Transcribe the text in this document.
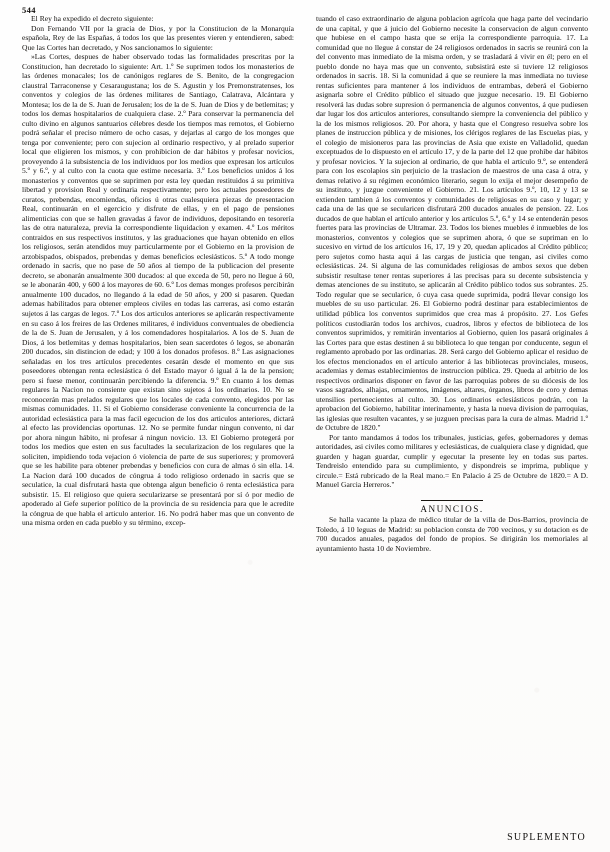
544

El Rey ha expedido el decreto siguiente:

Don Fernando VII por la gracia de Dios, y por la Constitucion de la Monarquía española, Rey de las Españas, á todos los que las presentes vieren y entendieren, sabed: Que las Cortes han decretado, y Nos sancionamos lo siguiente:

»Las Cortes, despues de haber observado todas las formalidades prescritas por la Constitucion, han decretado lo siguiente: Art. 1.º Se suprimen todos los monasterios de las órdenes monacales; los de canónigos reglares de S. Benito, de la congregacion claustral Tarraconense y Cesaraugustana; los de S. Agustin y los Premonstratenses, los conventos y colegios de las órdenes militares de Santiago, Calatrava, Alcántara y Montesa; los de la de S. Juan de Jerusalen; los de la de S. Juan de Dios y de betlemitas; y todos los demas hospitalarios de cualquiera clase. 2.º Para conservar la permanencia del culto divino en algunos santuarios célebres desde los tiempos mas remotos, el Gobierno podrá señalar el preciso número de ocho casas, y dejarlas al cargo de los monges que tenga por conveniente; pero con sujecion al ordinario respectivo, y al prelado superior local que eligieren los mismos, y con prohibicion de dar hábitos y profesar novicios, proveyendo á la subsistencia de los individuos por los medios que expresan los artículos 5.º y 6.º, y al culto con la cuota que estime necesaria. 3.º Los beneficios unidos á los monasterios y conventos que se suprimen por esta ley quedan restituidos á su primitiva libertad y provision Real y ordinaria respectivamente; pero los actuales poseedores de curatos, prebendas, encomiendas, oficios ú otras cualesquiera piezas de presentacion Real, continuarán en el egercicio y disfrute de ellas, y en el pago de pensiones alimenticias con que se hallen gravadas á favor de individuos, depositando en tesorería las de otra naturaleza, previa la correspondiente liquidacion y examen. 4.º Los méritos contraidos en sus respectivos institutos, y las graduaciones que hayan obtenido en ellos los religiosos, serán atendidos muy particularmente por el Gobierno en la provision de arzobispados, obispados, prebendas y demas beneficios eclesiásticos. 5.º A todo monge ordenado in sacris, que no pase de 50 años al tiempo de la publicacion del presente decreto, se abonarán anualmente 300 ducados: al que exceda de 50, pero no llegue á 60, se le abonarán 400, y 600 á los mayores de 60. 6.º Los demas monges profesos percibirán anualmente 100 ducados, no llegando á la edad de 50 años, y 200 si pasaren. Quedan ademas habilitados para obtener empleos civiles en todas las carreras, asi como estarán sujetos á las cargas de legos. 7.º Los dos articulos anteriores se aplicarán respectivamente en su caso á los freires de las Ordenes militares, é individuos conventuales de obediencia de la de S. Juan de Jerusalen, y á los comendadores hospitalarios. A los de S. Juan de Dios, á los betlemitas y demas hospitalarios, bien sean sacerdotes ó legos, se abonarán 200 ducados, sin distincion de edad; y 100 á los donados profesos. 8.º Las asignaciones señaladas en los tres artículos precedentes cesarán desde el momento en que sus poseedores obtengan renta eclesiástica ó del Estado mayor ó igual á la de la pension; pero si fuese menor, continuarán percibiendo la diferencia. 9.º En cuanto á los demas regulares la Nacion no consiente que existan sino sujetos á los ordinarios. 10. No se reconocerán mas prelados regulares que los locales de cada convento, elegidos por las mismas comunidades. 11. Si el Gobierno considerase conveniente la concurrencia de la autoridad eclesiástica para la mas facil egecucion de los dos articulos anteriores, dictará al efecto las providencias oportunas. 12. No se permite fundar ningun convento, ni dar por ahora ningun hábito, ni profesar á ningun novicio. 13. El Gobierno protegerá por todos los medios que esten en sus facultades la secularizacion de los regulares que la soliciten, impidiendo toda vejacion ó violencia de parte de sus superiores; y promoverá que se les habilite para obtener prebendas y beneficios con cura de almas ó sin ella. 14. La Nacion dará 100 ducados de cóngrua á todo religioso ordenado in sacris que se seculatice, la cual disfrutará hasta que obtenga algun beneficio ó renta eclesiástica para subsistir. 15. El religioso que quiera secularizarse se presentará por sí ó por medio de apoderado al Gefe superior político de la provincia de su residencia para que le acredite la cóngrua de que habla el articulo anterior. 16. No podrá haber mas que un convento de una misma orden en cada pueblo y su término, excep-

tuando el caso extraordinario de alguna poblacion agrícola que haga parte del vecindario de una capital, y que á juicio del Gobierno necesite la conservacion de algun convento que hubiese en el campo hasta que se erija la correspondiente parroquia. 17. La comunidad que no llegue á constar de 24 religiosos ordenados in sacris se reunirá con la del convento mas inmediato de la misma orden, y se trasladará á vivir en él; pero en el pueblo donde no haya mas que un convento, subsistirá este si tuviere 12 religiosos ordenados in sacris. 18. Si la comunidad á que se reuniere la mas inmediata no tuviese rentas suficientes para mantener á los individuos de entrambas, deberá el Gobierno asignarla sobre el Crédito público el situado que juzgue necesario. 19. El Gobierno resolverá las dudas sobre supresion ó permanencia de algunos conventos, á que pudiesen dar lugar los dos articulos anteriores, consultando siempre la conveniencia del público y la de los mismos religiosos. 20. Por ahora, y hasta que el Congreso resuelva sobre los planes de instruccion pública y de misiones, los clérigos reglares de las Escuelas pias, y el colegio de misioneros para las provincias de Asia que existe en Valladolid, quedan exceptuados de lo dispuesto en el artículo 17, y de la parte del 12 que prohibe dar hábitos y profesar novicios. Y la sujecion al ordinario, de que habla el artículo 9.º, se entenderá para con los escolapios sin perjuicio de la traslacion de maestros de una casa á otra, y demas relativo á su régimen económico literario, segun lo exija el mejor desempeño de su instituto, y juzgue conveniente el Gobierno. 21. Los artículos 9.º, 10, 12 y 13 se extienden tambien á los conventos y comunidades de religiosas en su caso y lugar; y cada una de las que se secularicen disfrutará 200 ducados anuales de pension. 22. Los ducados de que hablan el artículo anterior y los artículos 5.º, 6.º y 14 se entenderán pesos fuertes para las provincias de Ultramar. 23. Todos los bienes muebles é inmuebles de los monasterios, conventos y colegios que se suprimen ahora, ó que se supriman en lo sucesivo en virtud de los artículos 16, 17, 19 y 20, quedan aplicados al Crédito público; pero sujetos como hasta aqui á las cargas de justicia que tengan, asi civiles como eclesiásticas. 24. Si alguna de las comunidades religiosas de ambos sexos que deben subsistir resultase tener rentas superiores á las precisas para su decente subsistencia y demas atenciones de su instituto, se aplicarán al Crédito público todos sus sobrantes. 25. Todo regular que se secularice, ó cuya casa quede suprimida, podrá llevar consigo los muebles de su uso particular. 26. El Gobierno podrá destinar para establecimientos de utilidad pública los conventos suprimidos que crea mas á propósito. 27. Los Gefes políticos custodiarán todos los archivos, cuadros, libros y efectos de biblioteca de los conventos suprimidos, y remitirán inventarios al Gobierno, quien los pasará originales á las Cortes para que estas destinen á su biblioteca lo que tengan por conducente, segun el reglamento aprobado por las ordinarias. 28. Será cargo del Gobierno aplicar el residuo de los efectos mencionados en el artículo anterior á las bibliotecas provinciales, museos, academias y demas establecimientos de instruccion pública. 29. Queda al arbitrio de los respectivos ordinarios disponer en favor de las parroquias pobres de su diócesis de los vasos sagrados, alhajas, ornamentos, imágenes, altares, órganos, libros de coro y demas utensilios pertenecientes al culto. 30. Los ordinarios eclesiásticos podrán, con la aprobacion del Gobierno, habilitar interinamente, y hasta la nueva division de parroquias, las iglesias que resulten vacantes, y se juzguen precisas para la cura de almas. Madrid 1.º de Octubre de 1820."

Por tanto mandamos á todos los tribunales, justicias, gefes, gobernadores y demas autoridades, asi civiles como militares y eclesiásticas, de cualquiera clase y dignidad, que guarden y hagan guardar, cumplir y egecutar la presente ley en todas sus partes. Tendreislo entendido para su cumplimiento, y dispondreis se imprima, publique y circule.= Está rubricado de la Real mano.= En Palacio á 25 de Octubre de 1820.= A D. Manuel Garcia Herreros."

ANUNCIOS.

Se halla vacante la plaza de médico titular de la villa de Dos-Barrios, provincia de Toledo, á 10 leguas de Madrid: su poblacion consta de 700 vecinos, y su dotacion es de 700 ducados anuales, pagados del fondo de propios. Se dirigirán los memoriales al ayuntamiento hasta 10 de Noviembre.

SUPLEMENTO
